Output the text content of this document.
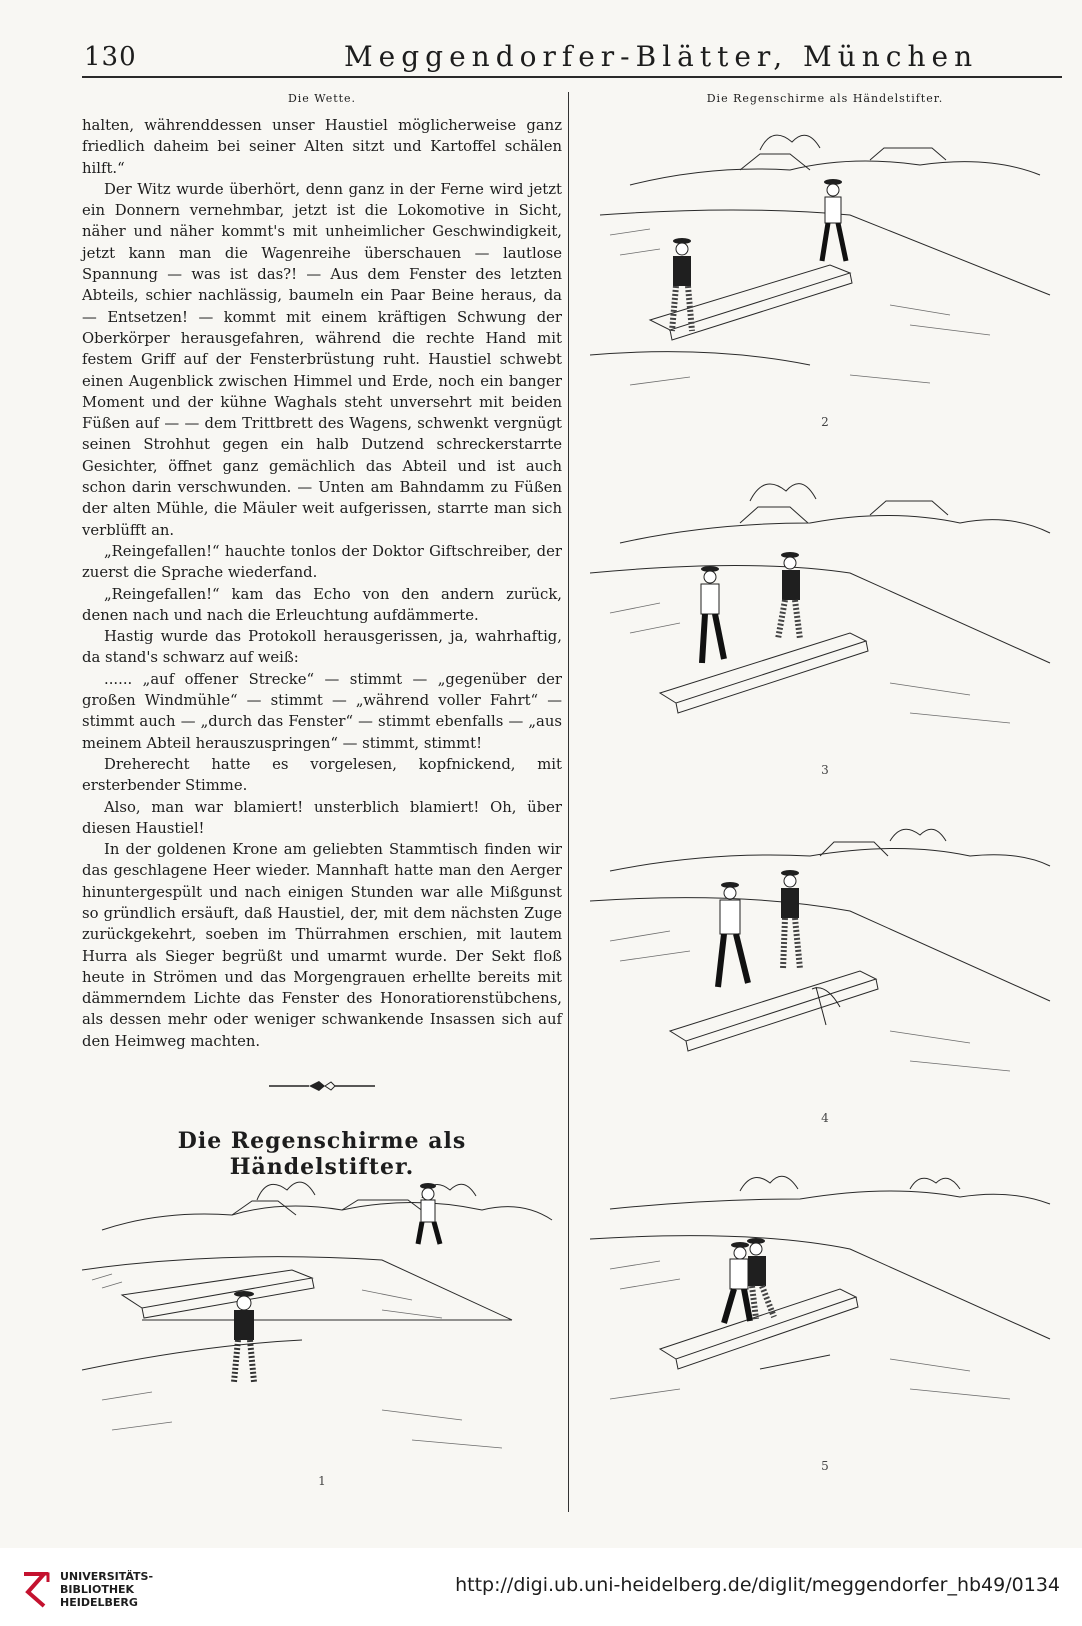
130	Meggendorfer-Blätter, München
Die Wette.

halten, währenddessen unser Haustiel möglicherweise ganz friedlich daheim bei seiner Alten sitzt und Kartoffel schälen hilft.“

Der Witz wurde überhört, denn ganz in der Ferne wird jetzt ein Donnern vernehmbar, jetzt ist die Lokomotive in Sicht, näher und näher kommt's mit unheimlicher Geschwindigkeit, jetzt kann man die Wagenreihe überschauen — lautlose Spannung — was ist das?! — Aus dem Fenster des letzten Abteils, schier nachlässig, baumeln ein Paar Beine heraus, da — Entsetzen! — kommt mit einem kräftigen Schwung der Oberkörper herausgefahren, während die rechte Hand mit festem Griff auf der Fensterbrüstung ruht. Haustiel schwebt einen Augenblick zwischen Himmel und Erde, noch ein banger Moment und der kühne Waghals steht unversehrt mit beiden Füßen auf — — dem Trittbrett des Wagens, schwenkt vergnügt seinen Strohhut gegen ein halb Dutzend schreckerstarrte Gesichter, öffnet ganz gemächlich das Abteil und ist auch schon darin verschwunden. — Unten am Bahndamm zu Füßen der alten Mühle, die Mäuler weit aufgerissen, starrte man sich verblüfft an.

„Reingefallen!“ hauchte tonlos der Doktor Giftschreiber, der zuerst die Sprache wiederfand.

„Reingefallen!“ kam das Echo von den andern zurück, denen nach und nach die Erleuchtung aufdämmerte.

Hastig wurde das Protokoll herausgerissen, ja, wahrhaftig, da stand's schwarz auf weiß:

...... „auf offener Strecke“ — stimmt — „gegenüber der großen Windmühle“ — stimmt — „während voller Fahrt“ — stimmt auch — „durch das Fenster“ — stimmt ebenfalls — „aus meinem Abteil herauszuspringen“ — stimmt, stimmt!

Dreherecht hatte es vorgelesen, kopfnickend, mit ersterbender Stimme.

Also, man war blamiert! unsterblich blamiert! Oh, über diesen Haustiel!

In der goldenen Krone am geliebten Stammtisch finden wir das geschlagene Heer wieder. Mannhaft hatte man den Aerger hinuntergespült und nach einigen Stunden war alle Mißgunst so gründlich ersäuft, daß Haustiel, der, mit dem nächsten Zuge zurückgekehrt, soeben im Thürrahmen erschien, mit lautem Hurra als Sieger begrüßt und umarmt wurde. Der Sekt floß heute in Strömen und das Morgengrauen erhellte bereits mit dämmerndem Lichte das Fenster des Honoratiorenstübchens, als dessen mehr oder weniger schwankende Insassen sich auf den Heimweg machten.

Die Regenschirme als Händelstifter.
1
Die Regenschirme als Händelstifter.
2
3
4
5
UNIVERSITÄTS-
BIBLIOTHEK
HEIDELBERG
http://digi.ub.uni-heidelberg.de/diglit/meggendorfer_hb49/0134
